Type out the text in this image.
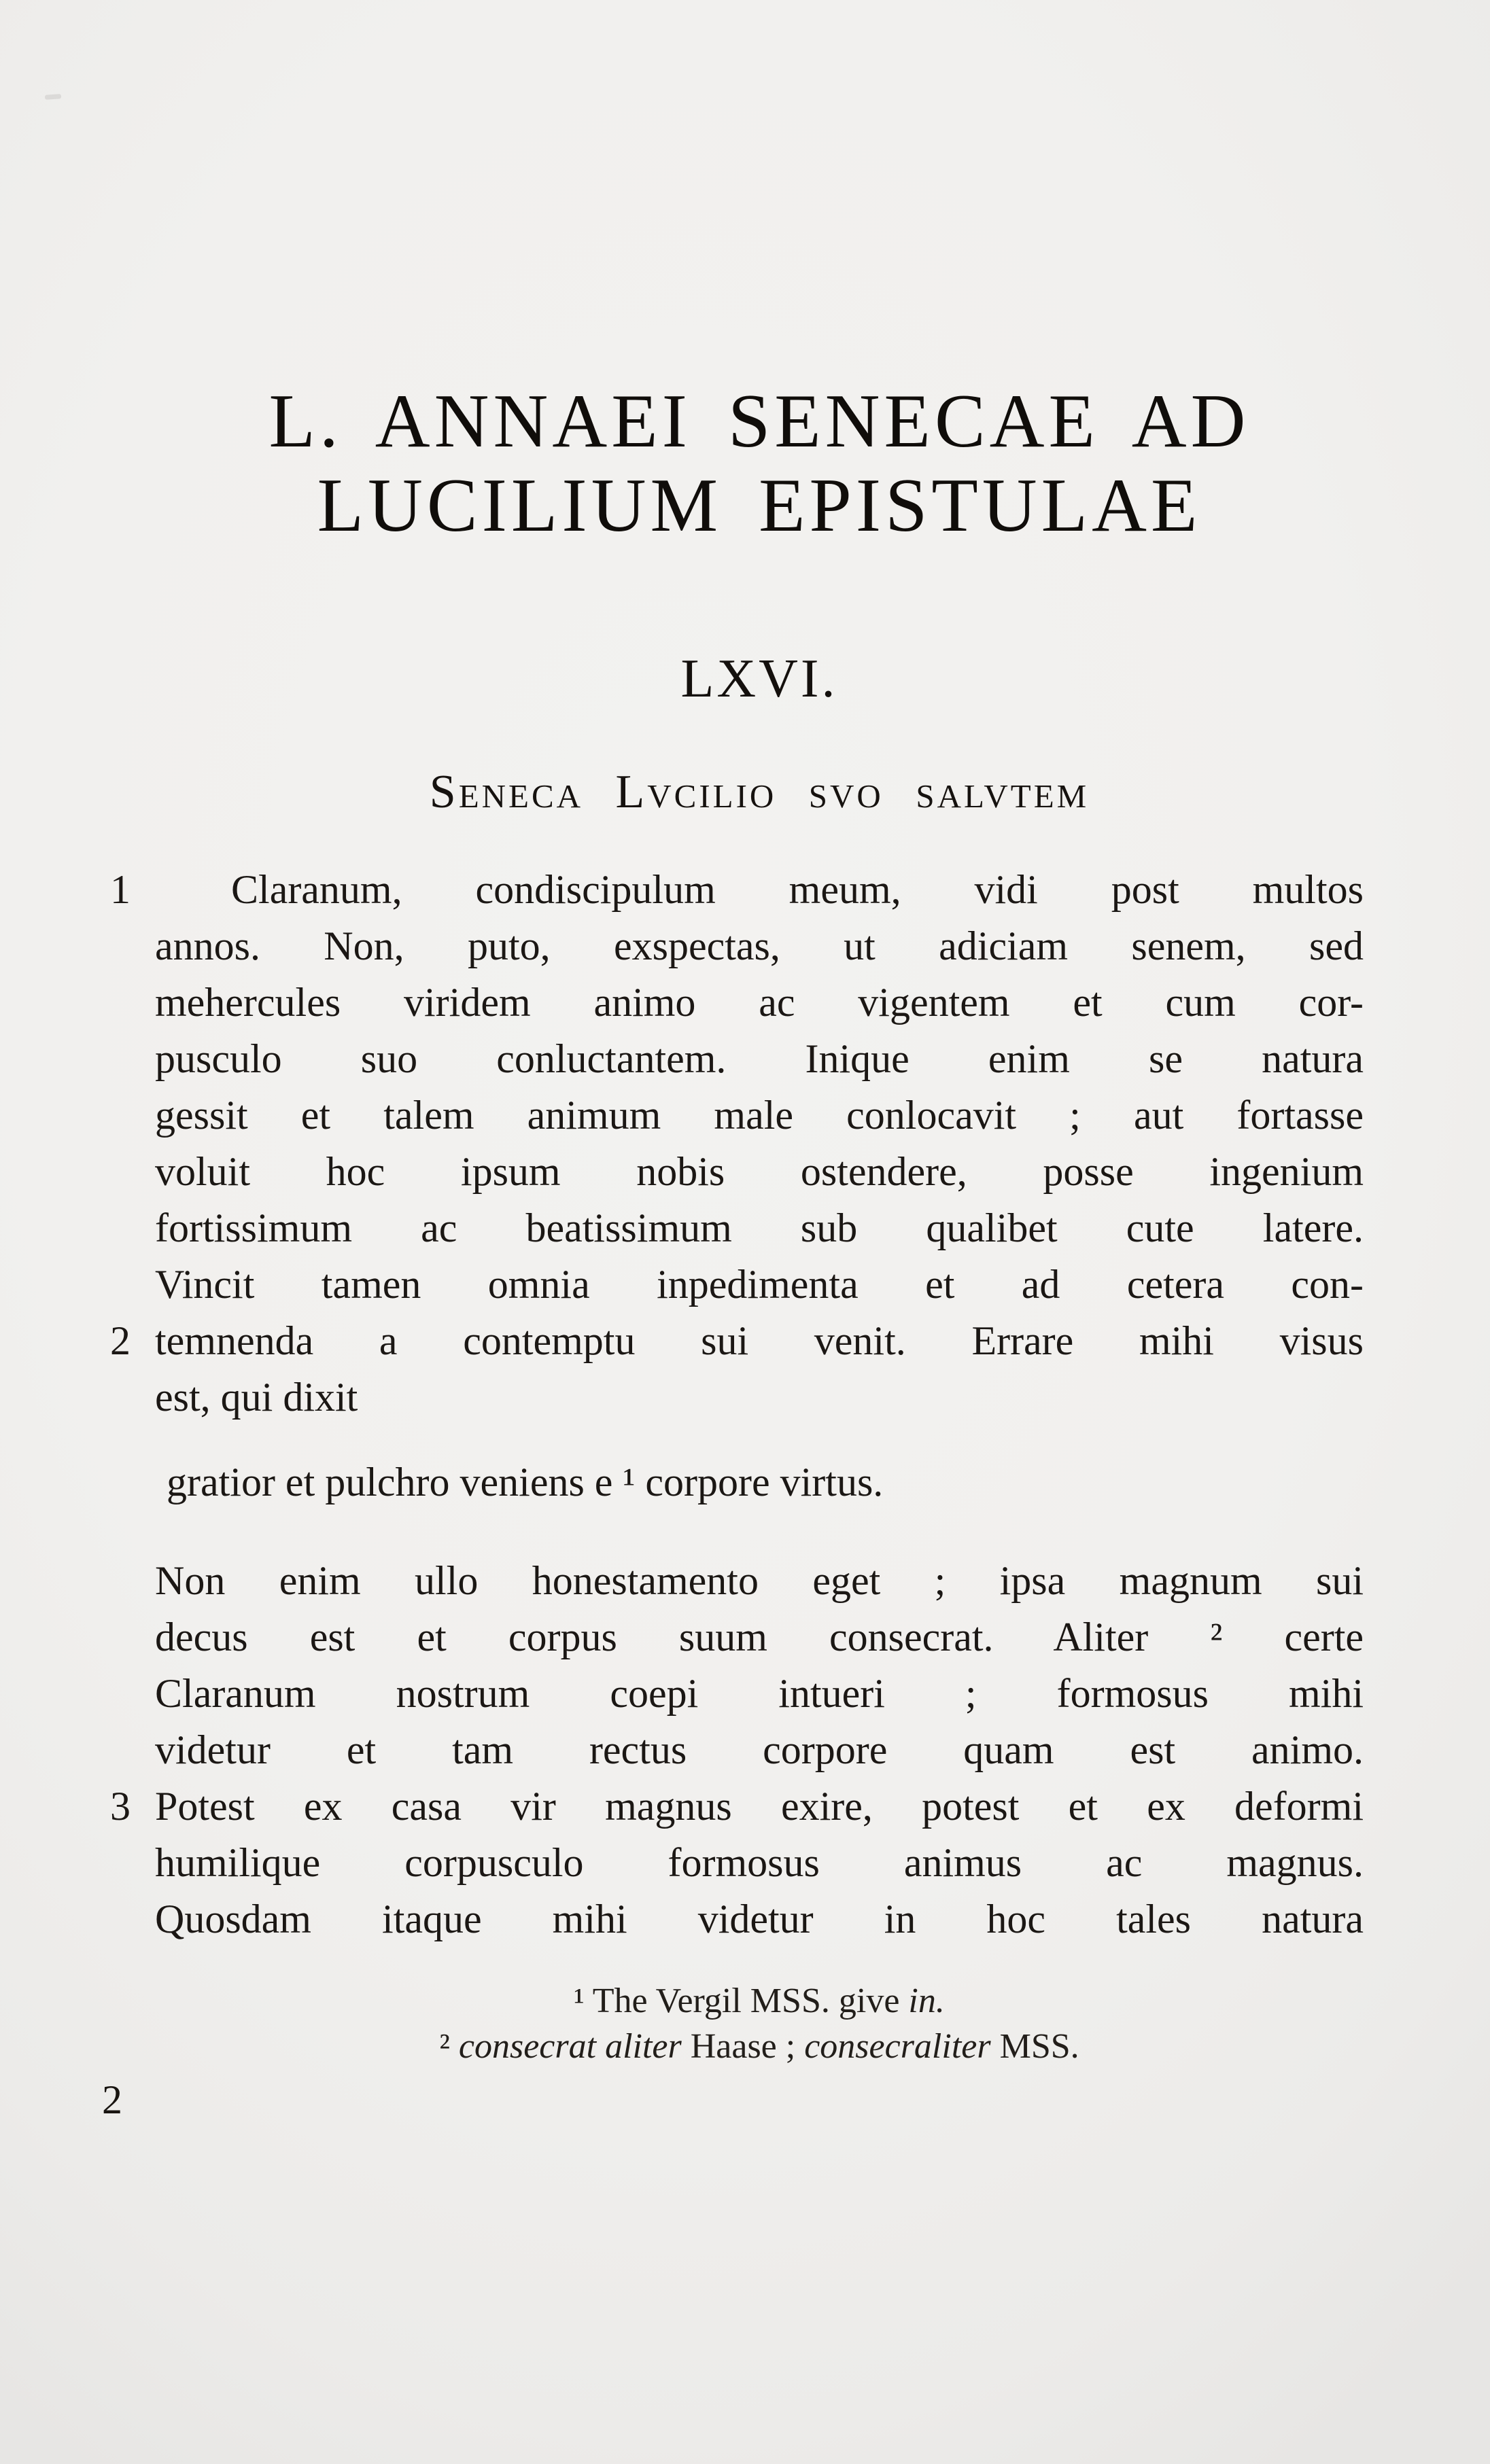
L. ANNAEI SENECAE AD
LUCILIUM EPISTULAE
LXVI.
Seneca Lvcilio svo salvtem
1	Claranum, condiscipulum meum, vidi post multos
annos. Non, puto, exspectas, ut adiciam senem, sed
mehercules viridem animo ac vigentem et cum cor-
pusculo suo conluctantem. Inique enim se natura
gessit et talem animum male conlocavit ; aut fortasse
voluit hoc ipsum nobis ostendere, posse ingenium
fortissimum ac beatissimum sub qualibet cute latere.
Vincit tamen omnia inpedimenta et ad cetera con-
2 temnenda a contemptu sui venit. Errare mihi visus
est, qui dixit
gratior et pulchro veniens e ¹ corpore virtus.
Non enim ullo honestamento eget ; ipsa magnum sui
decus est et corpus suum consecrat. Aliter ² certe
Claranum nostrum coepi intueri ; formosus mihi
videtur et tam rectus corpore quam est animo.
3 Potest ex casa vir magnus exire, potest et ex deformi
humilique corpusculo formosus animus ac magnus.
Quosdam itaque mihi videtur in hoc tales natura
¹ The Vergil MSS. give in.
² consecrat aliter Haase ; consecraliter MSS.
2
